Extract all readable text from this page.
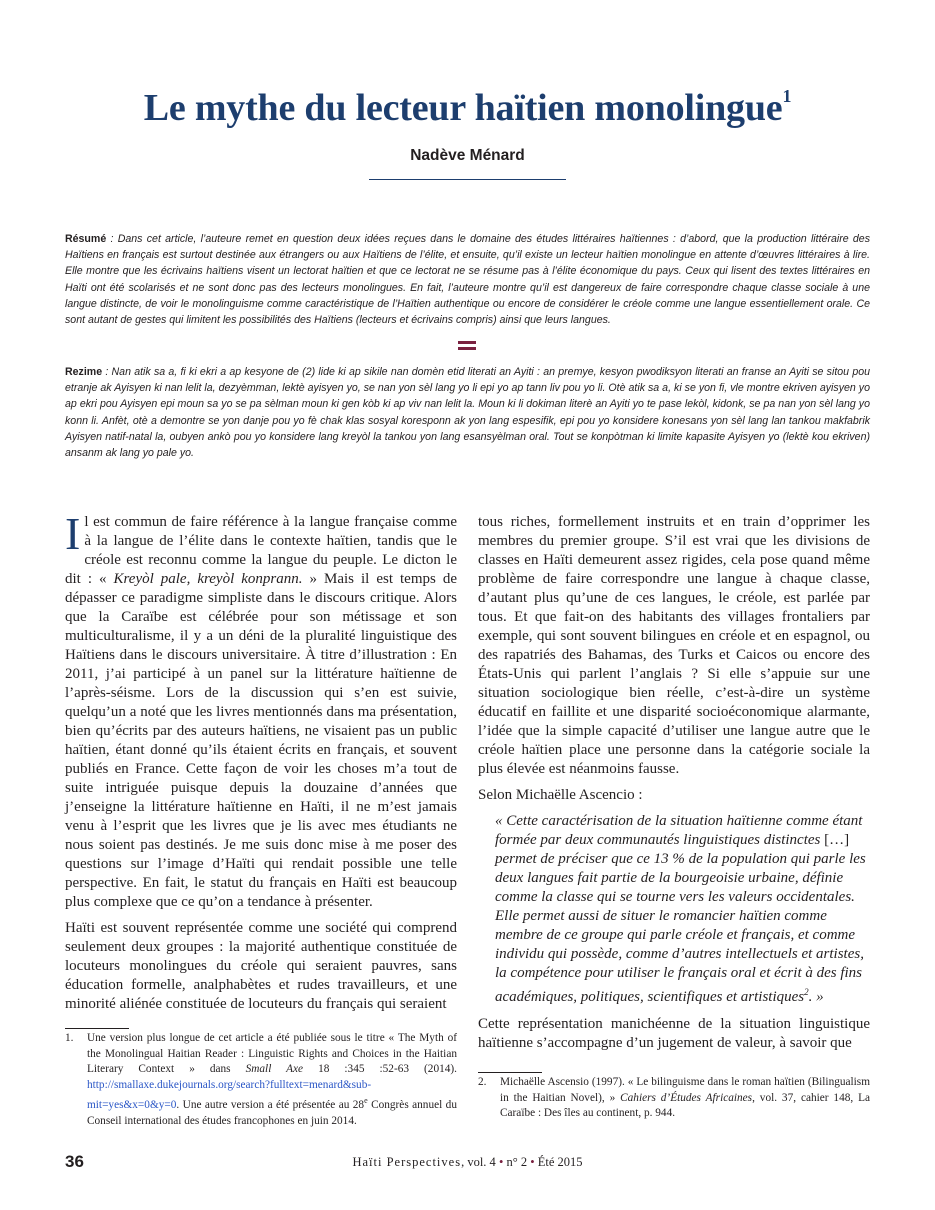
Le mythe du lecteur haïtien monolingue$^1$
Nadève Ménard
Résumé : Dans cet article, l’auteure remet en question deux idées reçues dans le domaine des études littéraires haïtiennes : d’abord, que la production littéraire des Haïtiens en français est surtout destinée aux étrangers ou aux Haïtiens de l’élite, et ensuite, qu’il existe un lecteur haïtien monolingue en attente d’œuvres littéraires à lire. Elle montre que les écrivains haïtiens visent un lectorat haïtien et que ce lectorat ne se résume pas à l’élite économique du pays. Ceux qui lisent des textes littéraires en Haïti ont été scolarisés et ne sont donc pas des lecteurs monolingues. En fait, l’auteure montre qu’il est dangereux de faire correspondre chaque classe sociale à une langue distincte, de voir le monolinguisme comme caractéristique de l’Haïtien authentique ou encore de considérer le créole comme une langue essentiellement orale. Ce sont autant de gestes qui limitent les possibilités des Haïtiens (lecteurs et écrivains compris) ainsi que leurs langues.
Rezime : Nan atik sa a, fi ki ekri a ap kesyone de (2) lide ki ap sikile nan domèn etid literati an Ayiti : an premye, kesyon pwodiksyon literati an franse an Ayiti se sitou pou etranje ak Ayisyen ki nan lelit la, dezyèmman, lektè ayisyen yo, se nan yon sèl lang yo li epi yo ap tann liv pou yo li. Otè atik sa a, ki se yon fi, vle montre ekriven ayisyen yo ap ekri pou Ayisyen epi moun sa yo se pa sèlman moun ki gen kòb ki ap viv nan lelit la. Moun ki li dokiman literè an Ayiti yo te pase lekòl, kidonk, se pa nan yon sèl lang yo konn li. Anfèt, otè a demontre se yon danje pou yo fè chak klas sosyal koresponn ak yon lang espesifik, epi pou yo konsidere konesans yon sèl lang lan tankou makfabrik Ayisyen natif-natal la, oubyen ankò pou yo konsidere lang kreyòl la tankou yon lang esansyèlman oral. Tout se konpòtman ki limite kapasite Ayisyen yo (lektè kou ekriven) ansanm ak lang yo pale yo.

Il est commun de faire référence à la langue française comme à la langue de l’élite dans le contexte haïtien, tandis que le créole est reconnu comme la langue du peuple. Le dicton le dit : « Kreyòl pale, kreyòl konprann. » Mais il est temps de dépasser ce paradigme simpliste dans le discours critique. Alors que la Caraïbe est célébrée pour son métissage et son multiculturalisme, il y a un déni de la pluralité linguistique des Haïtiens dans le discours universitaire. À titre d’illustration : En 2011, j’ai participé à un panel sur la littérature haïtienne de l’après-séisme. Lors de la discussion qui s’en est suivie, quelqu’un a noté que les livres mentionnés dans ma présentation, bien qu’écrits par des auteurs haïtiens, ne visaient pas un public haïtien, étant donné qu’ils étaient écrits en français, et souvent publiés en France. Cette façon de voir les choses m’a tout de suite intriguée puisque depuis la douzaine d’années que j’enseigne la littérature haïtienne en Haïti, il ne m’est jamais venu à l’esprit que les livres que je lis avec mes étudiants ne nous soient pas destinés. Je me suis donc mise à me poser des questions sur l’image d’Haïti qui rendait possible une telle perspective. En fait, le statut du français en Haïti est beaucoup plus complexe que ce qu’on a tendance à présenter.

Haïti est souvent représentée comme une société qui comprend seulement deux groupes : la majorité authentique constituée de locuteurs monolingues du créole qui seraient pauvres, sans éducation formelle, analphabètes et rudes travailleurs, et une minorité aliénée constituée de locuteurs du français qui seraient

tous riches, formellement instruits et en train d’opprimer les membres du premier groupe. S’il est vrai que les divisions de classes en Haïti demeurent assez rigides, cela pose quand même problème de faire correspondre une langue à chaque classe, d’autant plus qu’une de ces langues, le créole, est parlée par tous. Et que fait-on des habitants des villages frontaliers par exemple, qui sont souvent bilingues en créole et en espagnol, ou des rapatriés des Bahamas, des Turks et Caicos ou encore des États-Unis qui parlent l’anglais ? Si elle s’appuie sur une situation sociologique bien réelle, c’est-à-dire un système éducatif en faillite et une disparité socioéconomique alarmante, l’idée que la simple capacité d’utiliser une langue autre que le créole haïtien place une personne dans la catégorie sociale la plus élevée est néanmoins fausse.

Selon Michaëlle Ascencio :

« Cette caractérisation de la situation haïtienne comme étant formée par deux communautés linguistiques distinctes […] permet de préciser que ce 13 % de la population qui parle les deux langues fait partie de la bourgeoisie urbaine, définie comme la classe qui se tourne vers les valeurs occidentales. Elle permet aussi de situer le romancier haïtien comme membre de ce groupe qui parle créole et français, et comme individu qui possède, comme d’autres intellectuels et artistes, la compétence pour utiliser le français oral et écrit à des fins académiques, politiques, scientifiques et artistiques$^2$. »

Cette représentation manichéenne de la situation linguistique haïtienne s’accompagne d’un jugement de valeur, à savoir que

1. Une version plus longue de cet article a été publiée sous le titre « The Myth of the Monolingual Haitian Reader : Linguistic Rights and Choices in the Haitian Literary Context » dans Small Axe 18 :345 :52-63 (2014). http://smallaxe.dukejournals.org/search?fulltext=menard&sub-mit=yes&x=0&y=0. Une autre version a été présentée au 28e Congrès annuel du Conseil international des études francophones en juin 2014.
2. Michaëlle Ascensio (1997). « Le bilinguisme dans le roman haïtien (Bilingualism in the Haitian Novel), » Cahiers d’Études Africaines, vol. 37, cahier 148, La Caraïbe : Des îles au continent, p. 944.
36	Haïti Perspectives, vol. 4 • n° 2 • Été 2015
